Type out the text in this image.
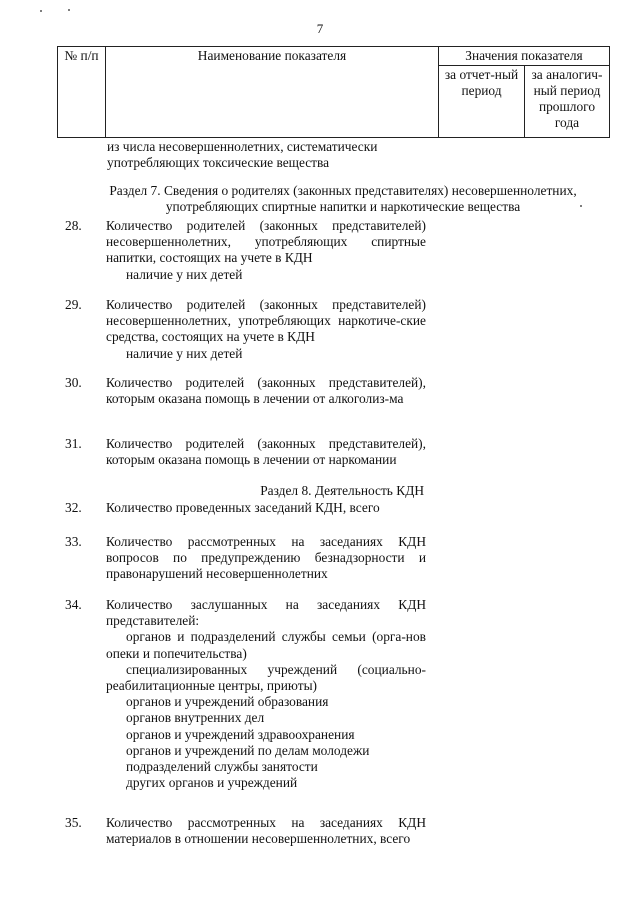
7
№ п/п	Наименование показателя	Значения показателя	
		за отчет-ный период	за аналогич-ный период прошлого года
из числа несовершеннолетних, систематически употребляющих токсические вещества
Раздел 7. Сведения о родителях (законных представителях) несовершеннолетних, употребляющих спиртные напитки и наркотические вещества
28.	Количество родителей (законных представителей) несовершеннолетних, употребляющих спиртные напитки, состоящих на учете в КДН
наличие у них детей
29.	Количество родителей (законных представителей) несовершеннолетних, употребляющих наркотиче-ские средства, состоящих на учете в КДН
наличие у них детей
30.	Количество родителей (законных представителей), которым оказана помощь в лечении от алкоголиз-ма
31.	Количество родителей (законных представителей), которым оказана помощь в лечении от наркомании
Раздел 8. Деятельность КДН
32.	Количество проведенных заседаний КДН, всего
33.	Количество рассмотренных на заседаниях КДН вопросов по предупреждению безнадзорности и правонарушений несовершеннолетних
34.	Количество заслушанных на заседаниях КДН представителей:
органов и подразделений службы семьи (орга-нов опеки и попечительства)
специализированных учреждений (социально-реабилитационные центры, приюты)
органов и учреждений образования
органов внутренних дел
органов и учреждений здравоохранения
органов и учреждений по делам молодежи
подразделений службы занятости
других органов и учреждений
35.	Количество рассмотренных на заседаниях КДН материалов в отношении несовершеннолетних, всего
